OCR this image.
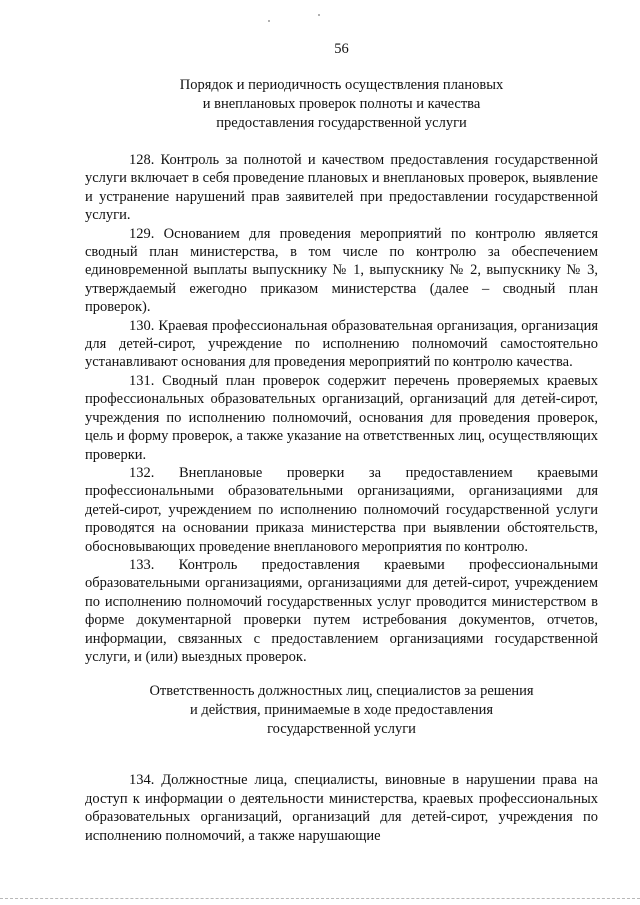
56
Порядок и периодичность осуществления плановых
и внеплановых проверок полноты и качества
предоставления государственной услуги

128. Контроль за полнотой и качеством предоставления государственной услуги включает в себя проведение плановых и внеплановых проверок, выявление и устранение нарушений прав заявителей при предоставлении государственной услуги.

129. Основанием для проведения мероприятий по контролю является сводный план министерства, в том числе по контролю за обеспечением единовременной выплаты выпускнику № 1, выпускнику № 2, выпускнику № 3, утверждаемый ежегодно приказом министерства (далее – сводный план проверок).

130. Краевая профессиональная образовательная организация, организация для детей-сирот, учреждение по исполнению полномочий самостоятельно устанавливают основания для проведения мероприятий по контролю качества.

131. Сводный план проверок содержит перечень проверяемых краевых профессиональных образовательных организаций, организаций для детей-сирот, учреждения по исполнению полномочий, основания для проведения проверок, цель и форму проверок, а также указание на ответственных лиц, осуществляющих проверки.

132. Внеплановые проверки за предоставлением краевыми профессиональными образовательными организациями, организациями для детей-сирот, учреждением по исполнению полномочий государственной услуги проводятся на основании приказа министерства при выявлении обстоятельств, обосновывающих проведение внепланового мероприятия по контролю.

133. Контроль предоставления краевыми профессиональными образовательными организациями, организациями для детей-сирот, учреждением по исполнению полномочий государственных услуг проводится министерством в форме документарной проверки путем истребования документов, отчетов, информации, связанных с предоставлением организациями государственной услуги, и (или) выездных проверок.

Ответственность должностных лиц, специалистов за решения
и действия, принимаемые в ходе предоставления
государственной услуги

134. Должностные лица, специалисты, виновные в нарушении права на доступ к информации о деятельности министерства, краевых профессиональных образовательных организаций, организаций для детей-сирот, учреждения по исполнению полномочий, а также нарушающие
